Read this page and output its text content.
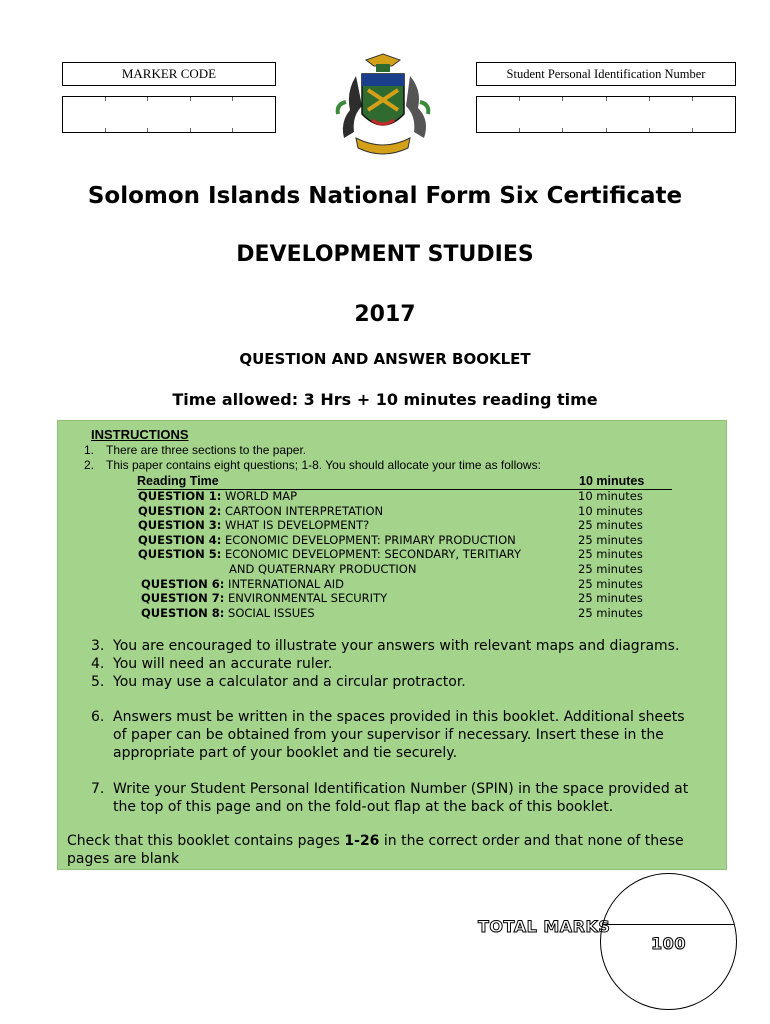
MARKER CODE	Student Personal Identification Number
Solomon Islands National Form Six Certificate
DEVELOPMENT STUDIES
2017
QUESTION AND ANSWER BOOKLET
Time allowed: 3 Hrs + 10 minutes reading time
INSTRUCTIONS
1. There are three sections to the paper.
2. This paper contains eight questions; 1-8. You should allocate your time as follows:
Reading Time	10 minutes
QUESTION 1: WORLD MAP	10 minutes
QUESTION 2: CARTOON INTERPRETATION	10 minutes
QUESTION 3: WHAT IS DEVELOPMENT?	25 minutes
QUESTION 4: ECONOMIC DEVELOPMENT: PRIMARY PRODUCTION	25 minutes
QUESTION 5: ECONOMIC DEVELOPMENT: SECONDARY, TERITIARY	25 minutes
AND QUATERNARY PRODUCTION	25 minutes
QUESTION 6: INTERNATIONAL AID	25 minutes
QUESTION 7: ENVIRONMENTAL SECURITY	25 minutes
QUESTION 8: SOCIAL ISSUES	25 minutes
3. You are encouraged to illustrate your answers with relevant maps and diagrams.
4. You will need an accurate ruler.
5. You may use a calculator and a circular protractor.
6. Answers must be written in the spaces provided in this booklet. Additional sheets of paper can be obtained from your supervisor if necessary. Insert these in the appropriate part of your booklet and tie securely.
7. Write your Student Personal Identification Number (SPIN) in the space provided at the top of this page and on the fold-out flap at the back of this booklet.
Check that this booklet contains pages 1-26 in the correct order and that none of these pages are blank
TOTAL MARKS
100
